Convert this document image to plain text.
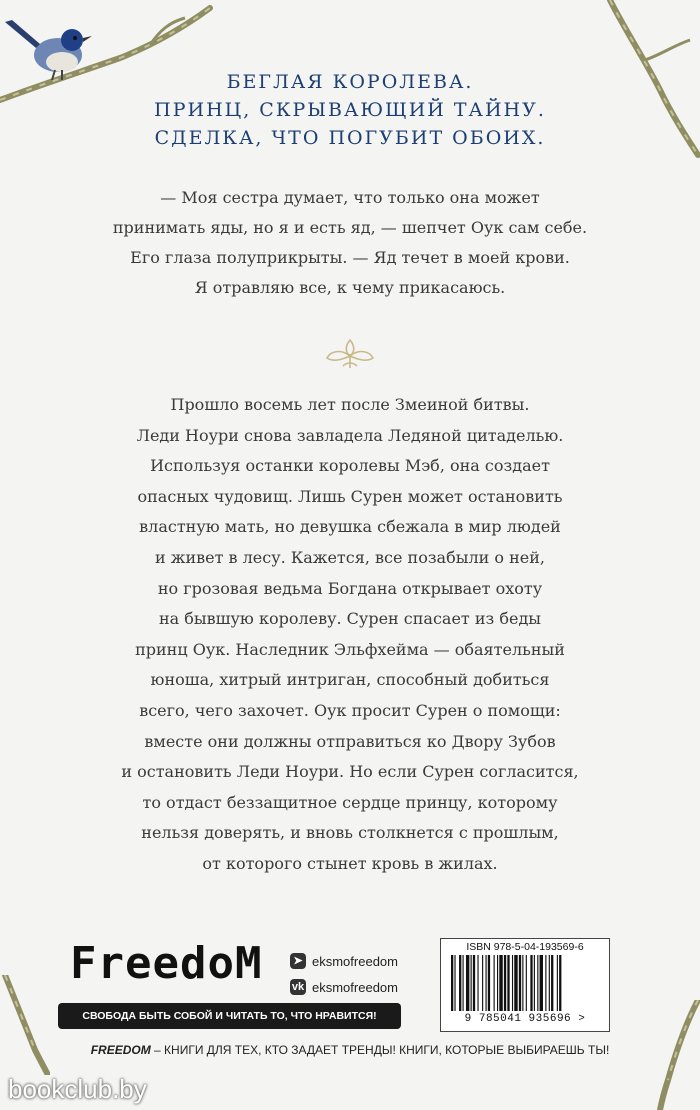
БЕГЛАЯ КОРОЛЕВА.
ПРИНЦ, СКРЫВАЮЩИЙ ТАЙНУ.
СДЕЛКА, ЧТО ПОГУБИТ ОБОИХ.
— Моя сестра думает, что только она может
принимать яды, но я и есть яд, — шепчет Оук сам себе.
Его глаза полуприкрыты. — Яд течет в моей крови.
Я отравляю все, к чему прикасаюсь.
Прошло восемь лет после Змеиной битвы.
Леди Ноури снова завладела Ледяной цитаделью.
Используя останки королевы Мэб, она создает
опасных чудовищ. Лишь Сурен может остановить
властную мать, но девушка сбежала в мир людей
и живет в лесу. Кажется, все позабыли о ней,
но грозовая ведьма Богдана открывает охоту
на бывшую королеву. Сурен спасает из беды
принц Оук. Наследник Эльфхейма — обаятельный
юноша, хитрый интриган, способный добиться
всего, чего захочет. Оук просит Сурен о помощи:
вместе они должны отправиться ко Двору Зубов
и остановить Леди Ноури. Но если Сурен согласится,
то отдаст беззащитное сердце принцу, которому
нельзя доверять, и вновь столкнется с прошлым,
от которого стынет кровь в жилах.
FreedoM	➤ eksmofreedom
vk eksmofreedom
СВОБОДА БЫТЬ СОБОЙ И ЧИТАТЬ ТО, ЧТО НРАВИТСЯ!
ISBN 978-5-04-193569-6
9 785041 935696 >
FREEDOM – КНИГИ ДЛЯ ТЕХ, КТО ЗАДАЕТ ТРЕНДЫ! КНИГИ, КОТОРЫЕ ВЫБИРАЕШЬ ТЫ!
bookclub.by
